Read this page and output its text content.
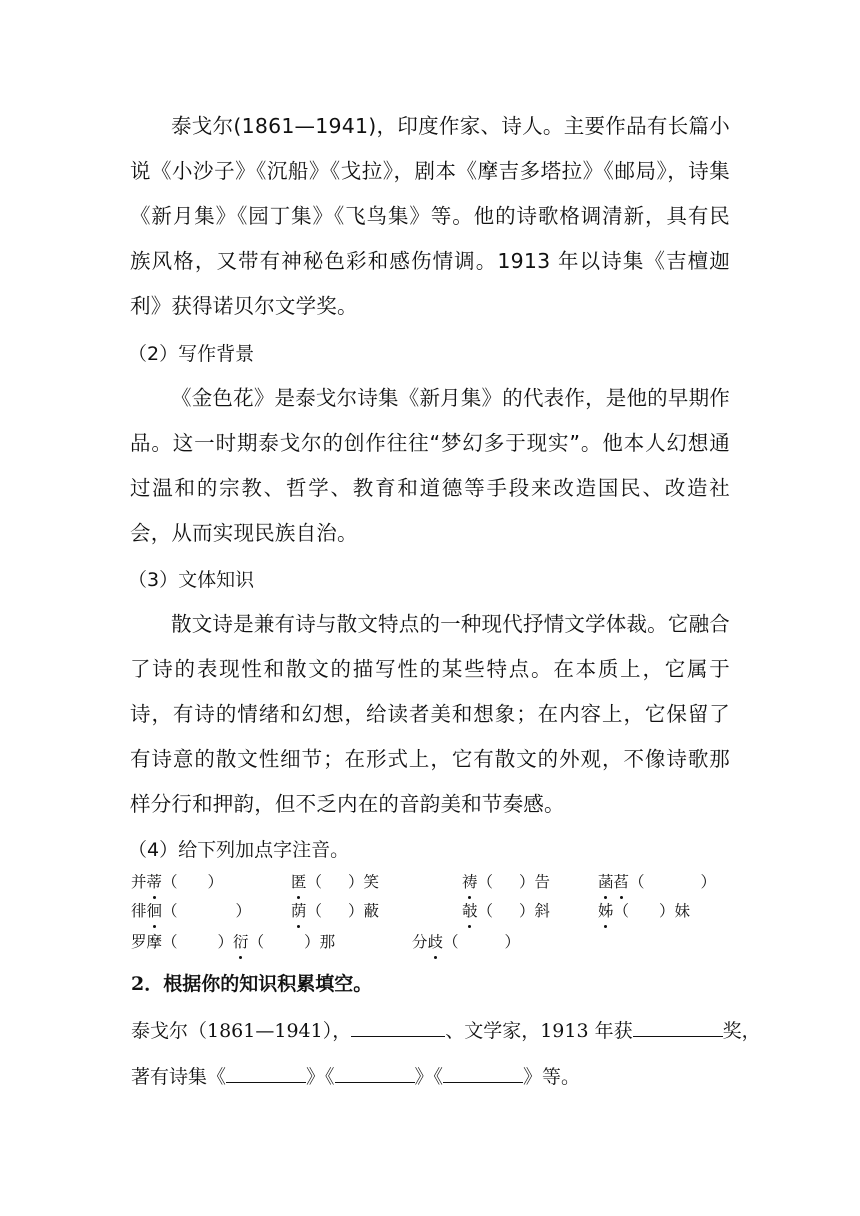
泰戈尔(1861—1941)，印度作家、诗人。主要作品有长篇小说《小沙子》《沉船》《戈拉》，剧本《摩吉多塔拉》《邮局》，诗集《新月集》《园丁集》《飞鸟集》等。他的诗歌格调清新，具有民族风格，又带有神秘色彩和感伤情调。1913 年以诗集《吉檀迦利》获得诺贝尔文学奖。

（2）写作背景

《金色花》是泰戈尔诗集《新月集》的代表作，是他的早期作品。这一时期泰戈尔的创作往往“梦幻多于现实”。他本人幻想通过温和的宗教、哲学、教育和道德等手段来改造国民、改造社会，从而实现民族自治。

（3）文体知识

散文诗是兼有诗与散文特点的一种现代抒情文学体裁。它融合了诗的表现性和散文的描写性的某些特点。在本质上，它属于诗，有诗的情绪和幻想，给读者美和想象；在内容上，它保留了有诗意的散文性细节；在形式上，它有散文的外观，不像诗歌那样分行和押韵，但不乏内在的音韵美和节奏感。

（4）给下列加点字注音。

并蒂（ ）	匿（ ）笑	祷（ ）告	菡萏（	）
徘徊（	）	荫（ ）蔽	攲（ ）斜	姊（ ）妹
罗摩（	）衍（	）那	分歧（	）

2．根据你的知识积累填空。

泰戈尔（1861—1941），	、文学家，1913 年获	奖，

著有诗集《	》《	》《	》等。
